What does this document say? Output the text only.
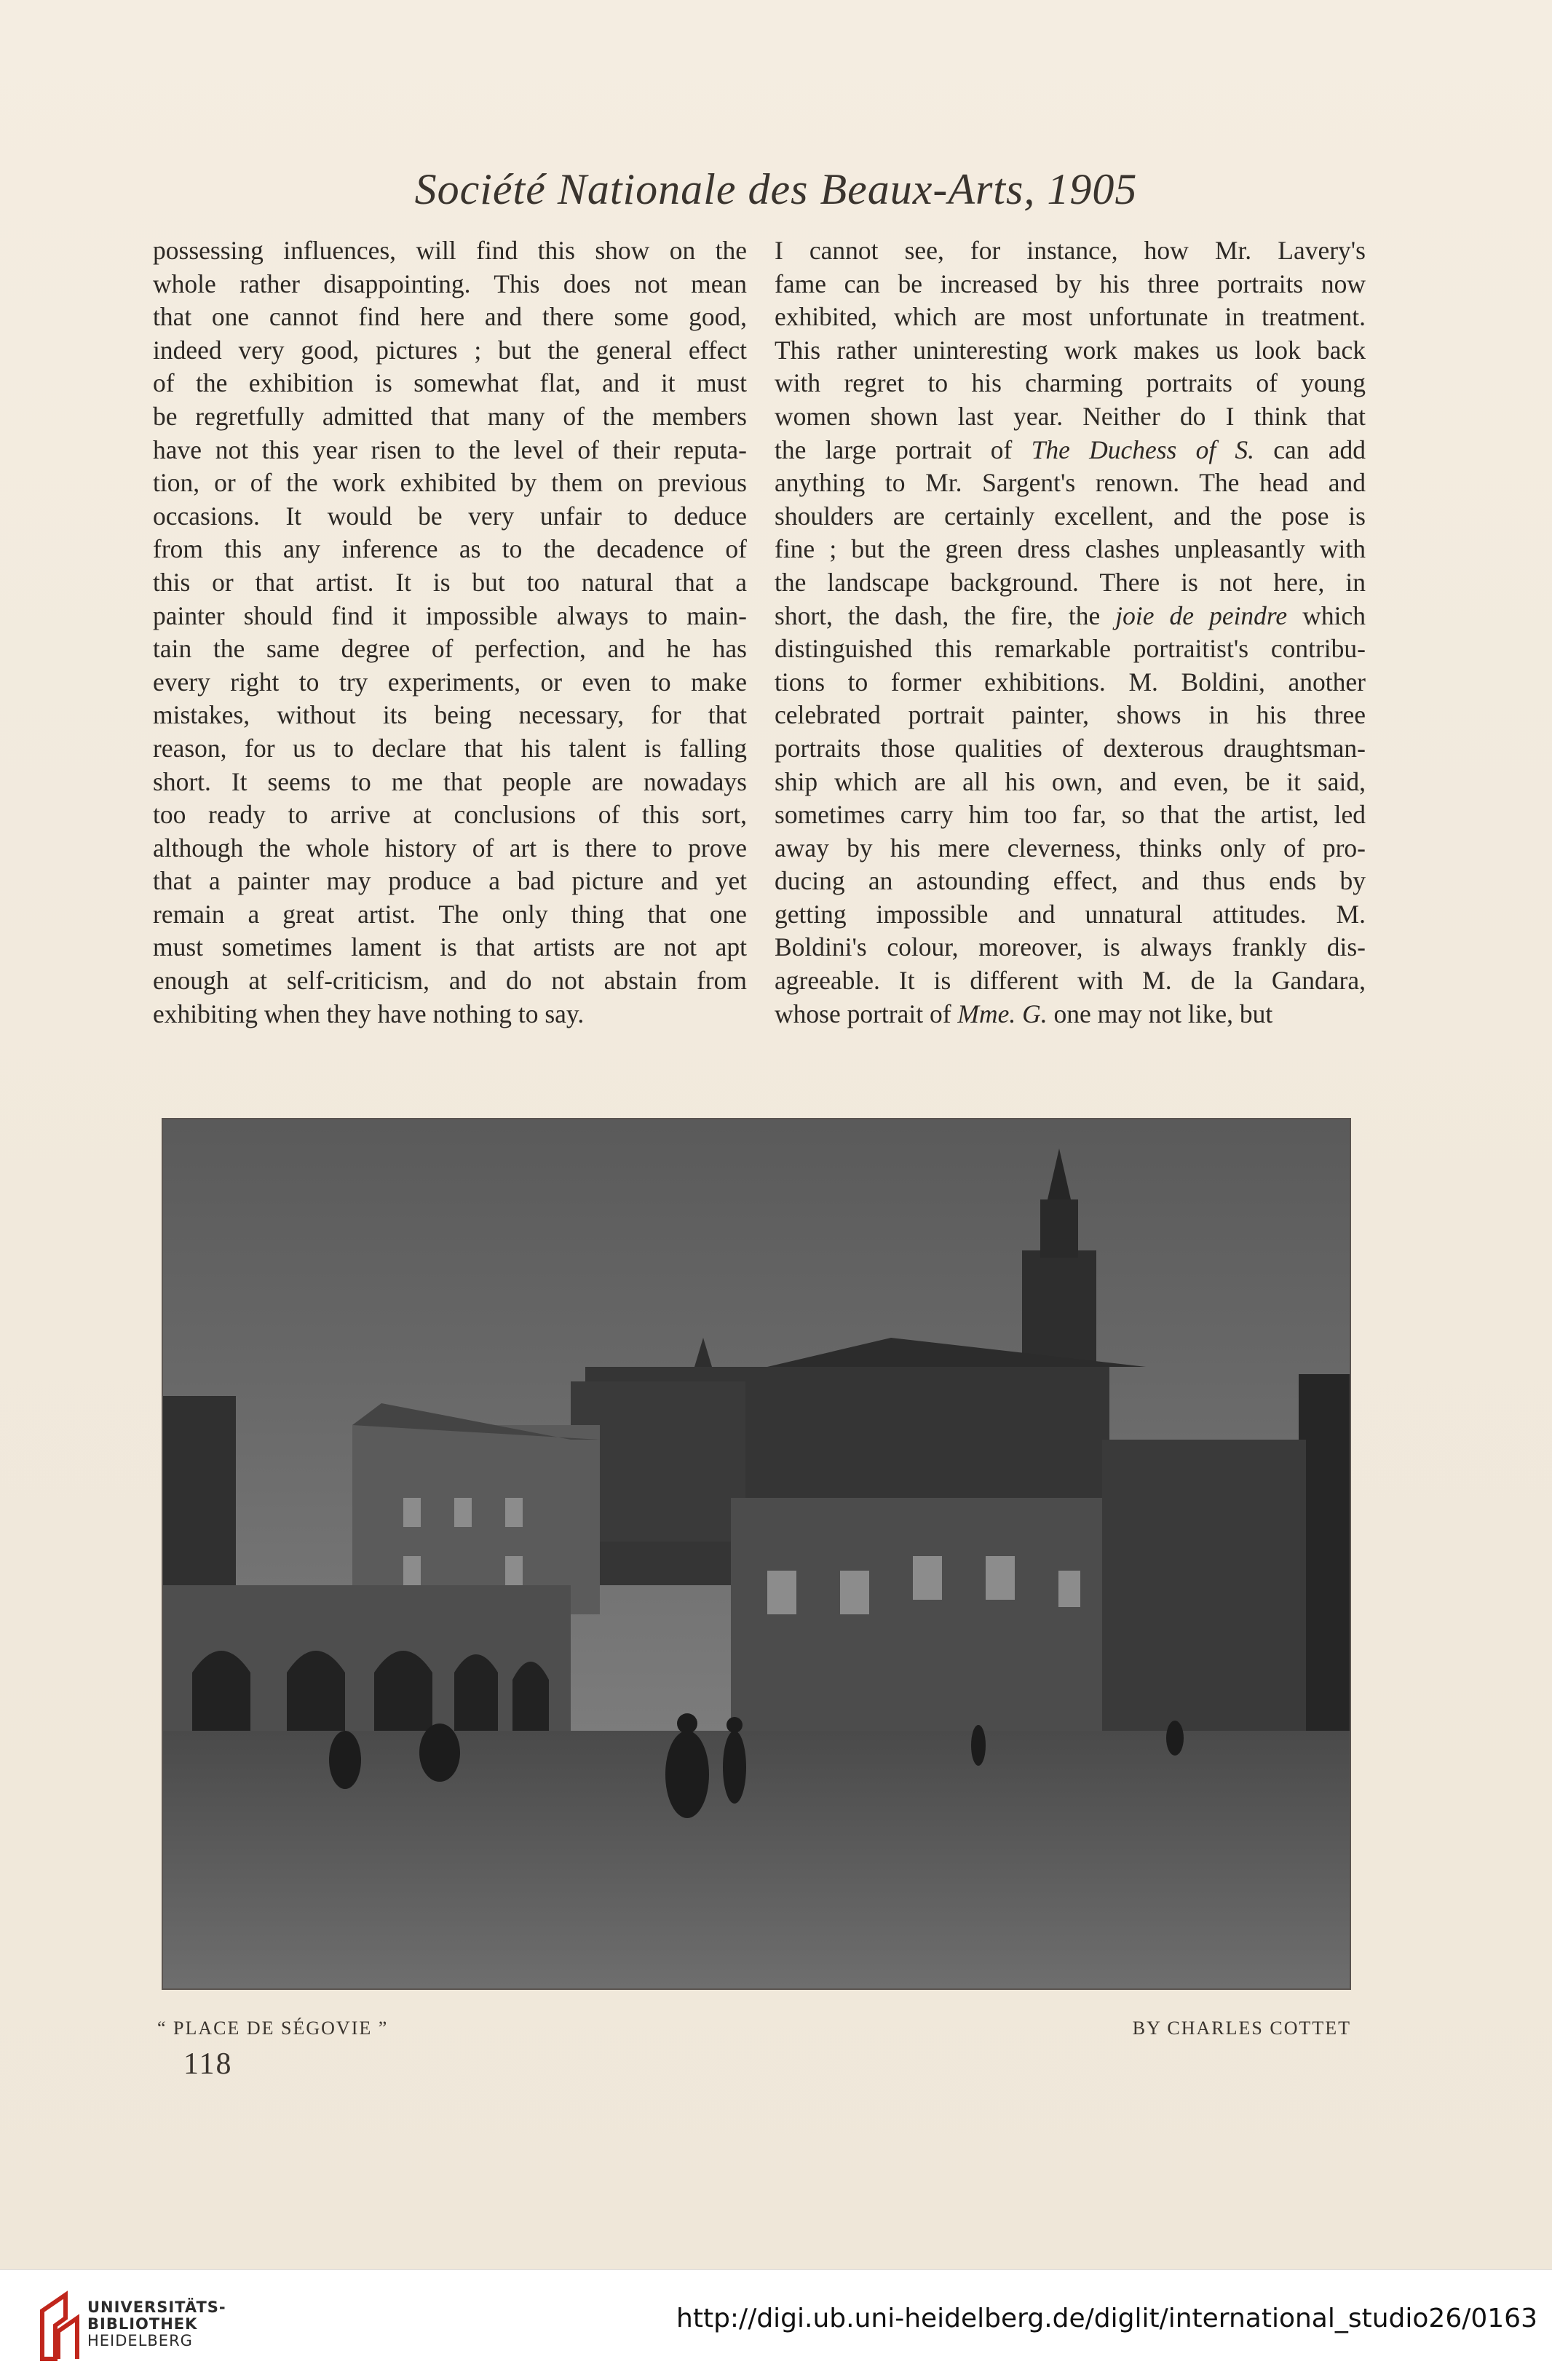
Société Nationale des Beaux-Arts, 1905

possessing influences, will find this show on the
whole rather disappointing. This does not mean
that one cannot find here and there some good,
indeed very good, pictures ; but the general effect
of the exhibition is somewhat flat, and it must
be regretfully admitted that many of the members
have not this year risen to the level of their reputa-
tion, or of the work exhibited by them on previous
occasions. It would be very unfair to deduce
from this any inference as to the decadence of
this or that artist. It is but too natural that a
painter should find it impossible always to main-
tain the same degree of perfection, and he has
every right to try experiments, or even to make
mistakes, without its being necessary, for that
reason, for us to declare that his talent is falling
short. It seems to me that people are nowadays
too ready to arrive at conclusions of this sort,
although the whole history of art is there to prove
that a painter may produce a bad picture and yet
remain a great artist. The only thing that one
must sometimes lament is that artists are not apt
enough at self-criticism, and do not abstain from
exhibiting when they have nothing to say.

I cannot see, for instance, how Mr. Lavery's
fame can be increased by his three portraits now
exhibited, which are most unfortunate in treatment.
This rather uninteresting work makes us look back
with regret to his charming portraits of young
women shown last year. Neither do I think that
the large portrait of The Duchess of S. can add
anything to Mr. Sargent's renown. The head and
shoulders are certainly excellent, and the pose is
fine ; but the green dress clashes unpleasantly with
the landscape background. There is not here, in
short, the dash, the fire, the joie de peindre which
distinguished this remarkable portraitist's contribu-
tions to former exhibitions. M. Boldini, another
celebrated portrait painter, shows in his three
portraits those qualities of dexterous draughtsman-
ship which are all his own, and even, be it said,
sometimes carry him too far, so that the artist, led
away by his mere cleverness, thinks only of pro-
ducing an astounding effect, and thus ends by
getting impossible and unnatural attitudes. M.
Boldini's colour, moreover, is always frankly dis-
agreeable. It is different with M. de la Gandara,
whose portrait of Mme. G. one may not like, but

“ PLACE DE SÉGOVIE ”	BY CHARLES COTTET
118
UNIVERSITÄTS-
BIBLIOTHEK
HEIDELBERG
http://digi.ub.uni-heidelberg.de/diglit/international_studio26/0163
